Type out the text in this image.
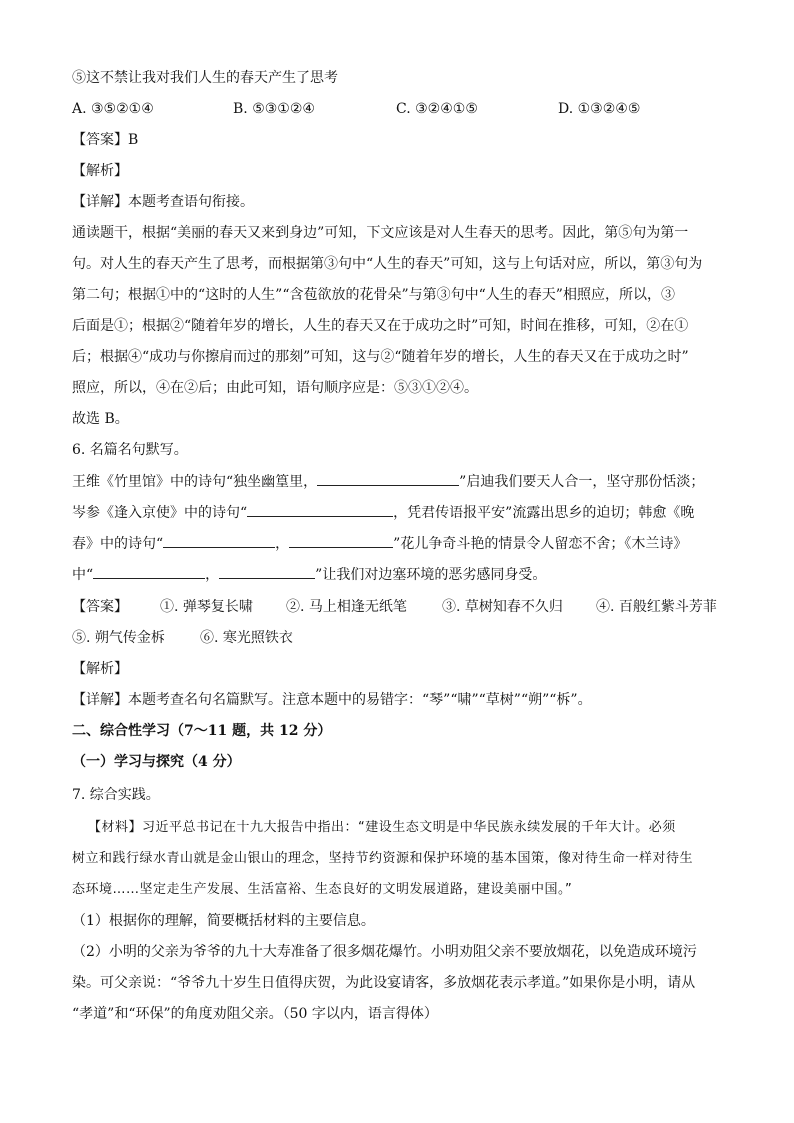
⑤这不禁让我对我们人生的春天产生了思考
A. ③⑤②①④	B. ⑤③①②④	C. ③②④①⑤	D. ①③②④⑤
【答案】B
【解析】
【详解】本题考查语句衔接。
通读题干，根据“美丽的春天又来到身边”可知，下文应该是对人生春天的思考。因此，第⑤句为第一
句。对人生的春天产生了思考，而根据第③句中“人生的春天”可知，这与上句话对应，所以，第③句为
第二句；根据①中的“这时的人生”“含苞欲放的花骨朵”与第③句中“人生的春天”相照应，所以，③
后面是①；根据②“随着年岁的增长，人生的春天又在于成功之时”可知，时间在推移，可知，②在①
后；根据④“成功与你擦肩而过的那刻”可知，这与②“随着年岁的增长，人生的春天又在于成功之时”
照应，所以，④在②后；由此可知，语句顺序应是：⑤③①②④。
故选 B。
6. 名篇名句默写。
王维《竹里馆》中的诗句“独坐幽篁里，	”启迪我们要天人合一，坚守那份恬淡；
岑参《逢入京使》中的诗句“	，凭君传语报平安”流露出思乡的迫切；韩愈《晚
春》中的诗句“	，	”花儿争奇斗艳的情景令人留恋不舍；《木兰诗》
中“	，	”让我们对边塞环境的恶劣感同身受。
【答案】 ①. 弹琴复长啸 ②. 马上相逢无纸笔	③. 草树知春不久归 ④. 百般红紫斗芳菲
⑤. 朔气传金柝	⑥. 寒光照铁衣
【解析】
【详解】本题考查名句名篇默写。注意本题中的易错字：“琴”“啸”“草树”“朔”“柝”。
二、综合性学习（7～11 题，共 12 分）
（一）学习与探究（4 分）
7. 综合实践。
【材料】习近平总书记在十九大报告中指出：“建设生态文明是中华民族永续发展的千年大计。必须
树立和践行绿水青山就是金山银山的理念，坚持节约资源和保护环境的基本国策，像对待生命一样对待生
态环境……坚定走生产发展、生活富裕、生态良好的文明发展道路，建设美丽中国。”
（1）根据你的理解，简要概括材料的主要信息。
（2）小明的父亲为爷爷的九十大寿准备了很多烟花爆竹。小明劝阻父亲不要放烟花，以免造成环境污
染。可父亲说：“爷爷九十岁生日值得庆贺，为此设宴请客，多放烟花表示孝道。”如果你是小明，请从
“孝道”和“环保”的角度劝阻父亲。（50 字以内，语言得体）
